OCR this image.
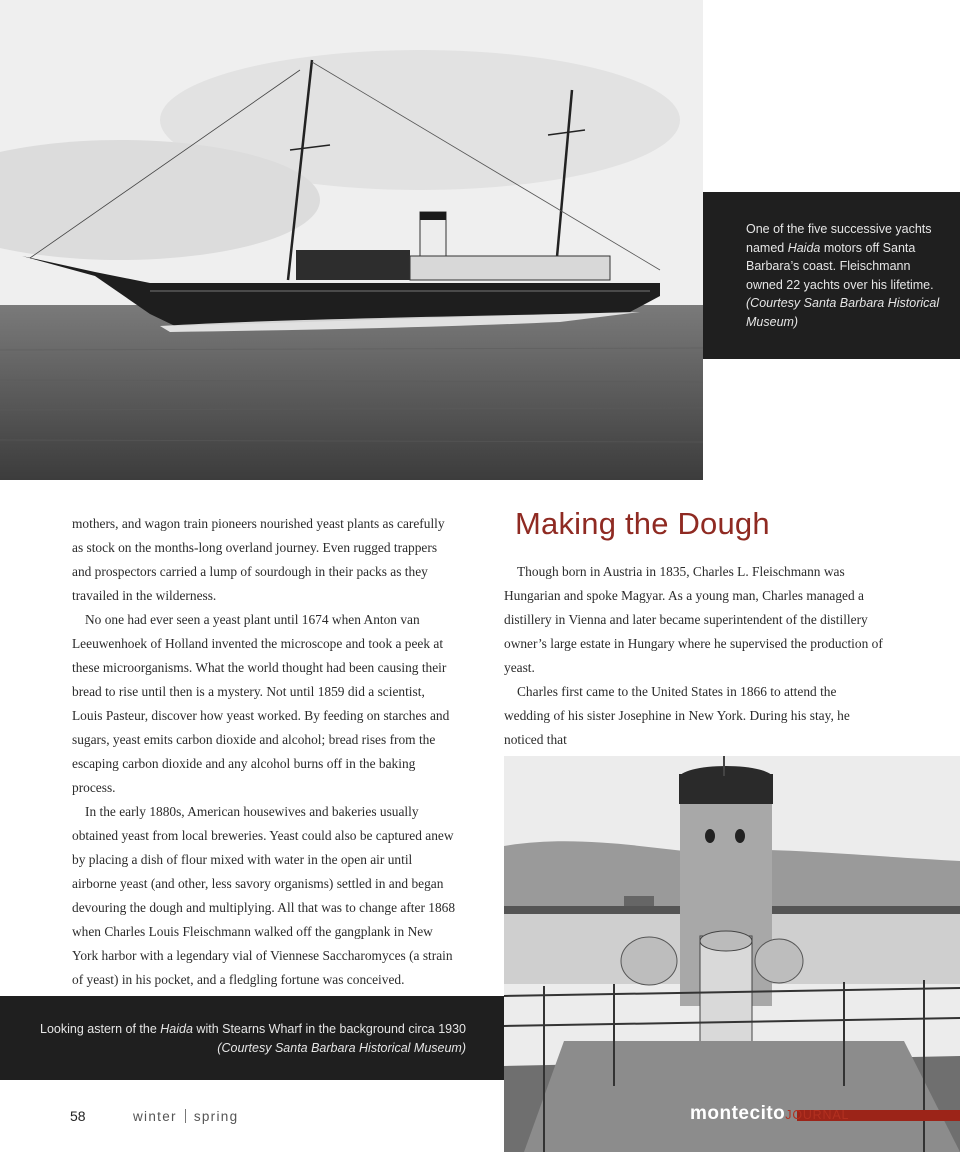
One of the five successive yachts named Haida motors off Santa Barbara’s coast. Fleischmann owned 22 yachts over his lifetime. (Courtesy Santa Barbara Historical Museum)

mothers, and wagon train pioneers nourished yeast plants as carefully as stock on the months-long overland journey. Even rugged trappers and prospectors carried a lump of sourdough in their packs as they travailed in the wilderness.

No one had ever seen a yeast plant until 1674 when Anton van Leeuwenhoek of Holland invented the microscope and took a peek at these microorganisms. What the world thought had been causing their bread to rise until then is a mystery. Not until 1859 did a scientist, Louis Pasteur, discover how yeast worked. By feeding on starches and sugars, yeast emits carbon dioxide and alcohol; bread rises from the escaping carbon dioxide and any alcohol burns off in the baking process.

In the early 1880s, American housewives and bakeries usually obtained yeast from local breweries. Yeast could also be captured anew by placing a dish of flour mixed with water in the open air until airborne yeast (and other, less savory organisms) settled in and began devouring the dough and multiplying. All that was to change after 1868 when Charles Louis Fleischmann walked off the gangplank in New York harbor with a legendary vial of Viennese Saccharomyces (a strain of yeast) in his pocket, and a fledgling fortune was conceived.

Making the Dough

Though born in Austria in 1835, Charles L. Fleischmann was Hungarian and spoke Magyar. As a young man, Charles managed a distillery in Vienna and later became superintendent of the distillery owner’s large estate in Hungary where he supervised the production of yeast.

Charles first came to the United States in 1866 to attend the wedding of his sister Josephine in New York. During his stay, he noticed that

Looking astern of the Haida with Stearns Wharf in the background circa 1930
(Courtesy Santa Barbara Historical Museum)
58	winter spring	montecitoJOURNAL
